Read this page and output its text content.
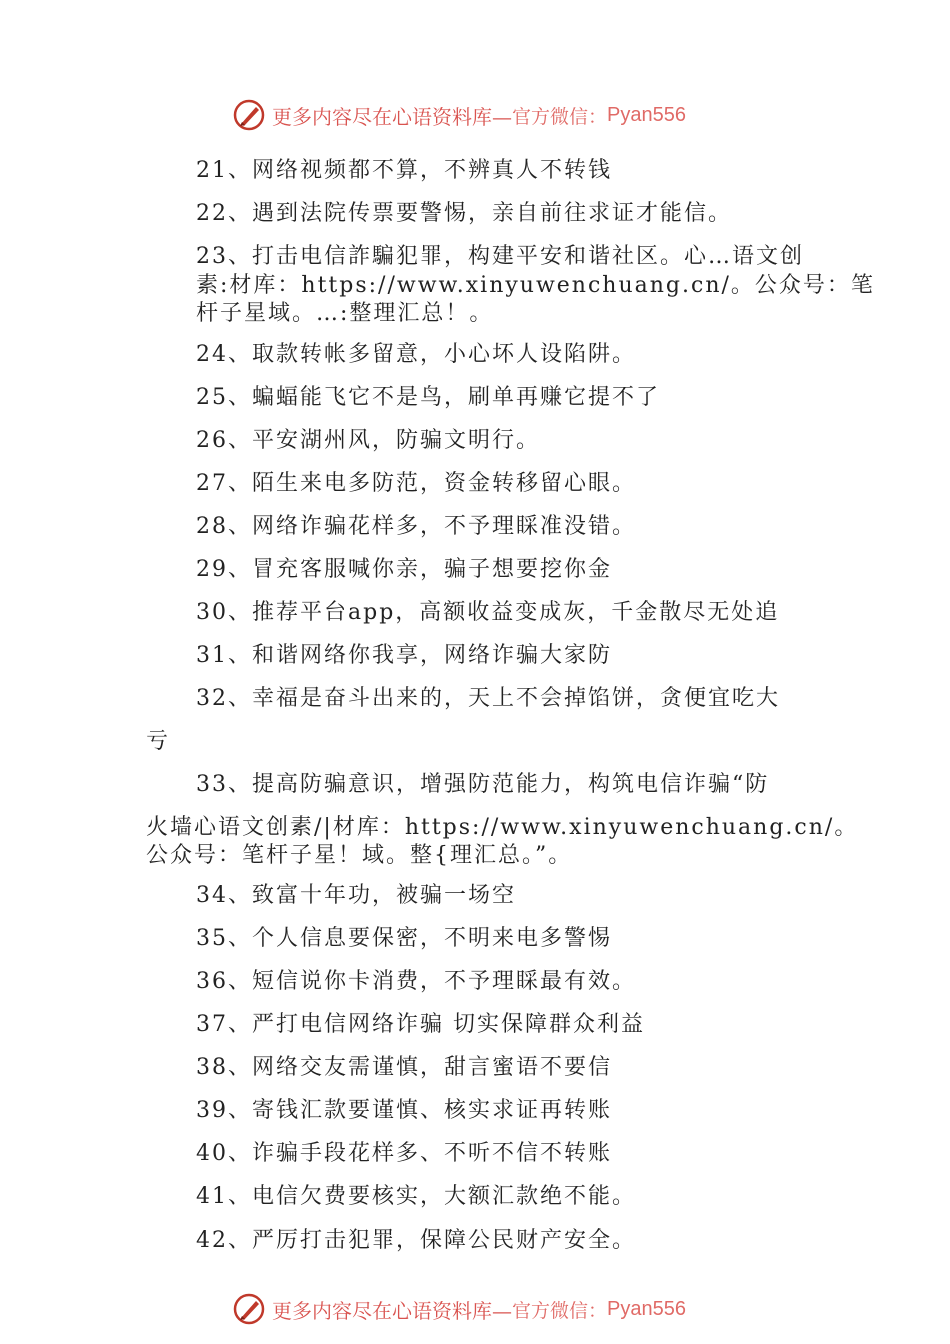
更多内容尽在心语资料库— 官方微信： Pyan556
21、网络视频都不算，不辨真人不转钱
22、遇到法院传票要警惕，亲自前往求证才能信。
23、打击电信詐騙犯罪，构建平安和谐社区。心…语文创
素:材库：https://www.xinyuwenchuang.cn/。公众号：笔
杆子星域。…:整理汇总！。
24、取款转帐多留意，小心坏人设陷阱。
25、蝙蝠能飞它不是鸟，刷单再赚它提不了
26、平安湖州风，防骗文明行。
27、陌生来电多防范，资金转移留心眼。
28、网络诈骗花样多，不予理睬准没错。
29、冒充客服喊你亲，骗子想要挖你金
30、推荐平台app，高额收益变成灰，千金散尽无处追
31、和谐网络你我享，网络诈骗大家防
32、幸福是奋斗出来的，天上不会掉馅饼，贪便宜吃大
亏
33、提高防骗意识，增强防范能力，构筑电信诈骗“防
火墙心语文创素/|材库：https://www.xinyuwenchuang.cn/。
公众号：笔杆子星！域。整{理汇总。”。
34、致富十年功，被骗一场空
35、个人信息要保密，不明来电多警惕
36、短信说你卡消费，不予理睬最有效。
37、严打电信网络诈骗 切实保障群众利益
38、网络交友需谨慎，甜言蜜语不要信
39、寄钱汇款要谨慎、核实求证再转账
40、诈骗手段花样多、不听不信不转账
41、电信欠费要核实，大额汇款绝不能。
42、严厉打击犯罪，保障公民财产安全。
更多内容尽在心语资料库— 官方微信： Pyan556
